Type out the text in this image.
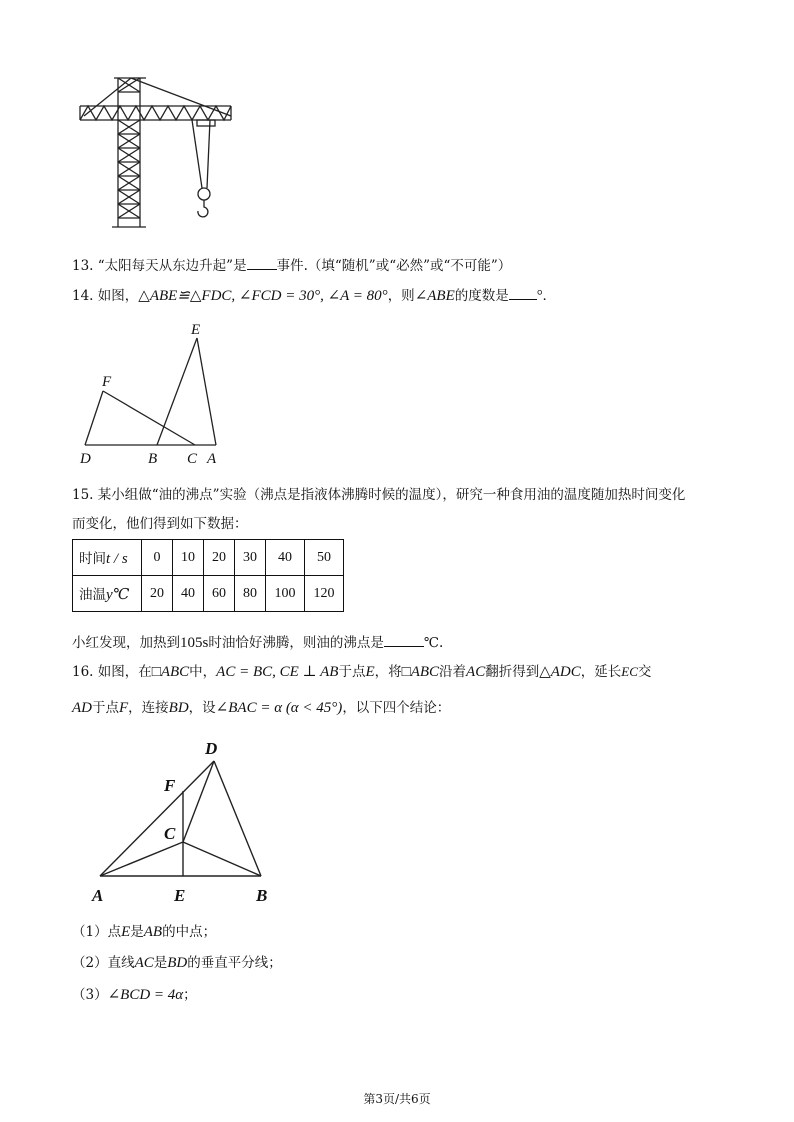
13. “太阳每天从东边升起”是 事件.（填“随机”或“必然”或“不可能”）
14. 如图，△ABE≌△FDC, ∠FCD = 30°, ∠A = 80°，则∠ABE的度数是 °.
E
F
D	B C A
15. 某小组做“油的沸点”实验（沸点是指液体沸腾时候的温度），研究一种食用油的温度随加热时间变化
而变化，他们得到如下数据：
时间t / s	0	10	20	30	40	50
油温y℃	20	40	60	80	100	120
小红发现，加热到105s时油恰好沸腾，则油的沸点是	℃.
16. 如图，在□ABC中，AC = BC, CE ⊥ AB于点E，将□ABC沿着AC翻折得到△ADC，延长EC交
AD于点F，连接BD，设∠BAC = α (α < 45°)，以下四个结论：
D
F
C
A	E	B
（1）点E是AB的中点；
（2）直线AC是BD的垂直平分线；
（3）∠BCD = 4α；
第3页/共6页
